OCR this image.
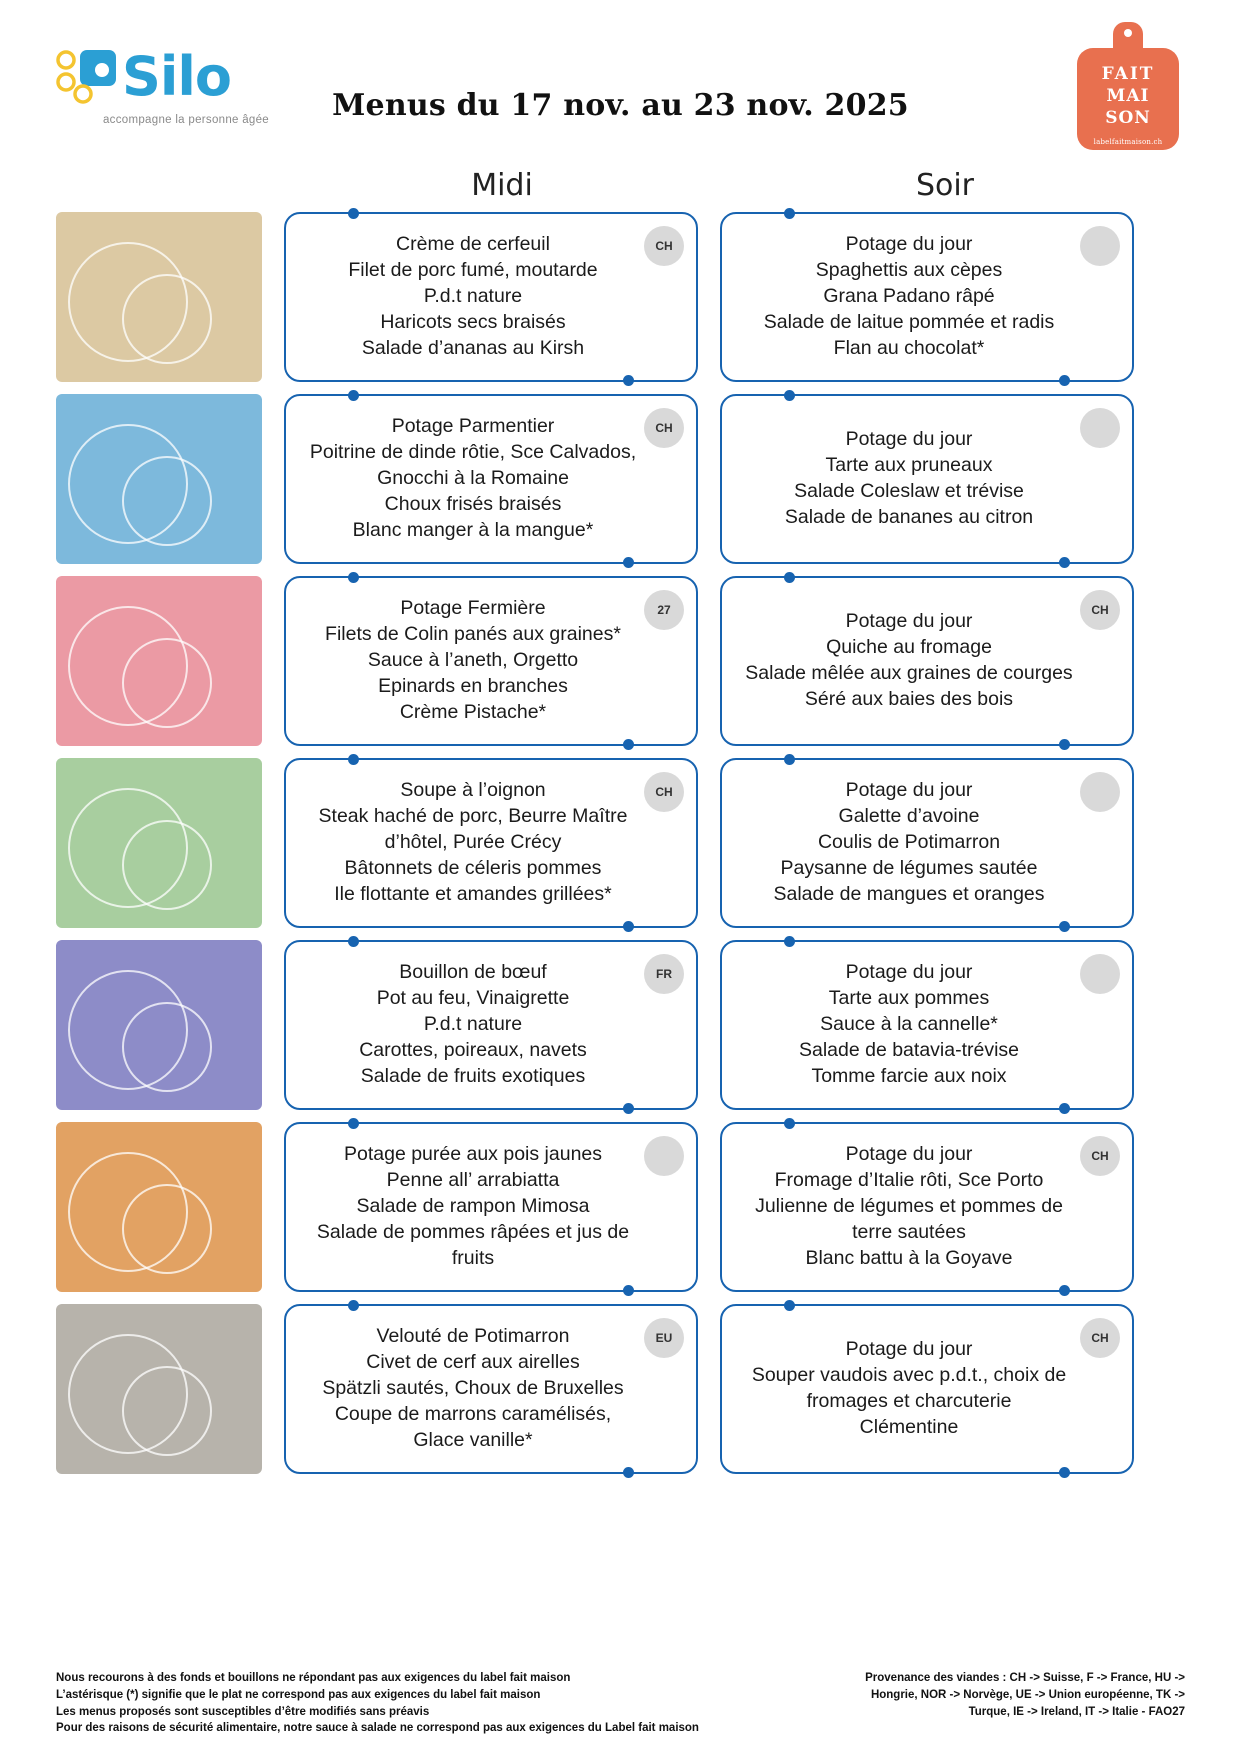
Silo
accompagne la personne âgée	Menus du 17 nov. au 23 nov. 2025
FAIT
MAI
SON
labelfaitmaison.ch
Midi	Soir
Crème de cerfeuil
Filet de porc fumé, moutarde
P.d.t nature
Haricots secs braisés
Salade d’ananas au Kirsh
CH	Potage du jour
Spaghettis aux cèpes
Grana Padano râpé
Salade de laitue pommée et radis
Flan au chocolat*
Potage Parmentier
Poitrine de dinde rôtie, Sce Calvados,
Gnocchi à la Romaine
Choux frisés braisés
Blanc manger à la mangue*
CH
Potage du jour
Tarte aux pruneaux
Salade Coleslaw et trévise
Salade de bananes au citron
Potage Fermière
Filets de Colin panés aux graines*
Sauce à l’aneth, Orgetto
Epinards en branches
Crème Pistache*
27
Potage du jour
Quiche au fromage
Salade mêlée aux graines de courges
Séré aux baies des bois
CH
Soupe à l’oignon
Steak haché de porc, Beurre Maître d’hôtel, Purée Crécy
Bâtonnets de céleris pommes
Ile flottante et amandes grillées*
CH	Potage du jour
Galette d’avoine
Coulis de Potimarron
Paysanne de légumes sautée
Salade de mangues et oranges
Bouillon de bœuf
Pot au feu, Vinaigrette
P.d.t nature
Carottes, poireaux, navets
Salade de fruits exotiques
FR	Potage du jour
Tarte aux pommes
Sauce à la cannelle*
Salade de batavia-trévise
Tomme farcie aux noix
Potage purée aux pois jaunes
Penne all’ arrabiatta
Salade de rampon Mimosa
Salade de pommes râpées et jus de fruits
Potage du jour
Fromage d’Italie rôti, Sce Porto
Julienne de légumes et pommes de terre sautées
Blanc battu à la Goyave
CH
Velouté de Potimarron
Civet de cerf aux airelles
Spätzli sautés, Choux de Bruxelles
Coupe de marrons caramélisés,
Glace vanille*
EU
Potage du jour
Souper vaudois avec p.d.t., choix de fromages et charcuterie
Clémentine
CH
Nous recourons à des fonds et bouillons ne répondant pas aux exigences du label fait maison
L’astérisque (*) signifie que le plat ne correspond pas aux exigences du label fait maison
Les menus proposés sont susceptibles d’être modifiés sans préavis
Pour des raisons de sécurité alimentaire, notre sauce à salade ne correspond pas aux exigences du Label fait maison
Provenance des viandes : CH -> Suisse, F -> France, HU ->
Hongrie, NOR -> Norvège, UE -> Union européenne, TK ->
Turque, IE -> Ireland, IT -> Italie - FAO27
